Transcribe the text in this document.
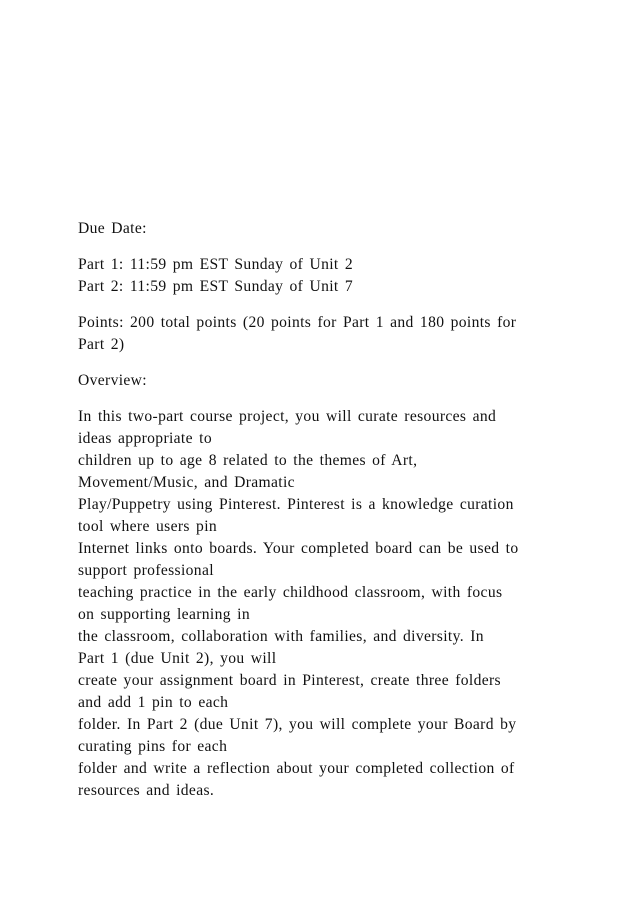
Due Date:
Part 1: 11:59 pm EST Sunday of Unit 2
Part 2: 11:59 pm EST Sunday of Unit 7
Points: 200 total points (20 points for Part 1 and 180 points for
Part 2)
Overview:
In this two-part course project, you will curate resources and
ideas appropriate to
children up to age 8 related to the themes of Art,
Movement/Music, and Dramatic
Play/Puppetry using Pinterest. Pinterest is a knowledge curation
tool where users pin
Internet links onto boards. Your completed board can be used to
support professional
teaching practice in the early childhood classroom, with focus
on supporting learning in
the classroom, collaboration with families, and diversity. In
Part 1 (due Unit 2), you will
create your assignment board in Pinterest, create three folders
and add 1 pin to each
folder. In Part 2 (due Unit 7), you will complete your Board by
curating pins for each
folder and write a reflection about your completed collection of
resources and ideas.
